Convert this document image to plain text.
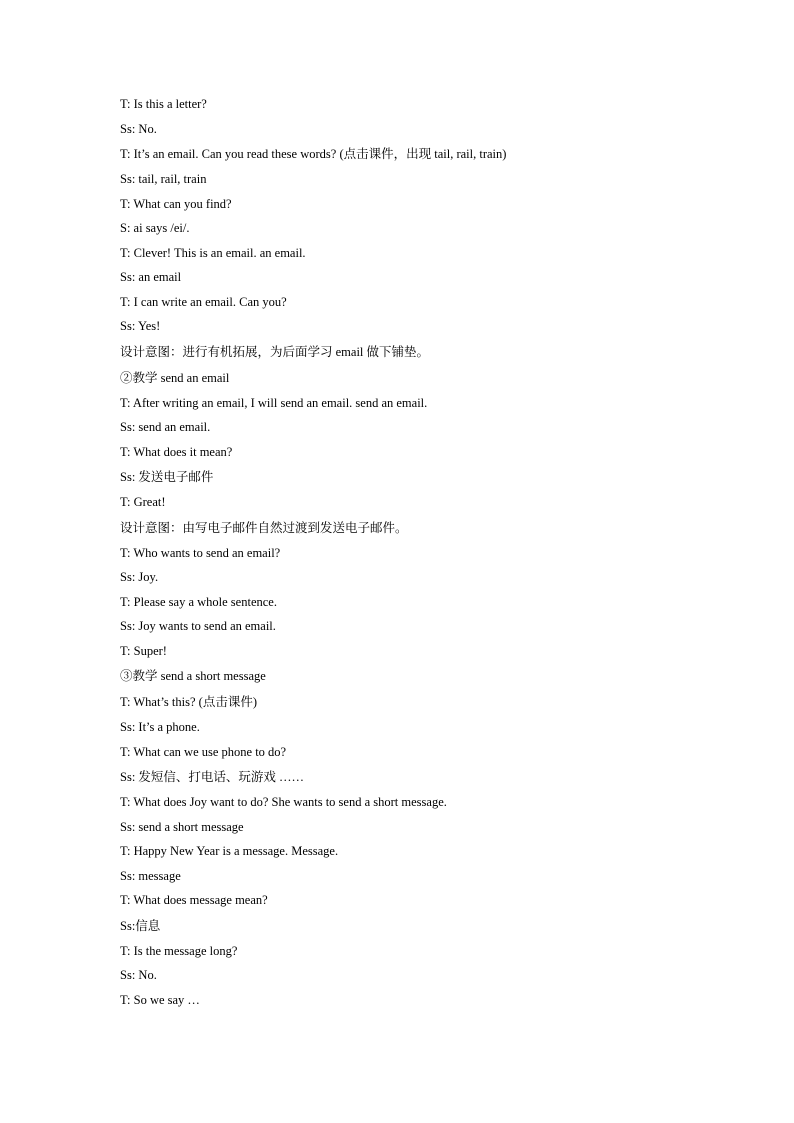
T: Is this a letter?
Ss: No.
T: It’s an email. Can you read these words? (点击课件，出现 tail, rail, train)
Ss: tail, rail, train
T: What can you find?
S: ai says /ei/.
T: Clever! This is an email. an email.
Ss: an email
T: I can write an email. Can you?
Ss: Yes!
设计意图：进行有机拓展，为后面学习 email 做下铺垫。
②教学 send an email
T: After writing an email, I will send an email. send an email.
Ss: send an email.
T: What does it mean?
Ss: 发送电子邮件
T: Great!
设计意图：由写电子邮件自然过渡到发送电子邮件。
T: Who wants to send an email?
Ss: Joy.
T: Please say a whole sentence.
Ss: Joy wants to send an email.
T: Super!
③教学 send a short message
T: What’s this? (点击课件)
Ss: It’s a phone.
T: What can we use phone to do?
Ss: 发短信、打电话、玩游戏 ……
T: What does Joy want to do? She wants to send a short message.
Ss: send a short message
T: Happy New Year is a message. Message.
Ss: message
T: What does message mean?
Ss:信息
T: Is the message long?
Ss: No.
T: So we say …
